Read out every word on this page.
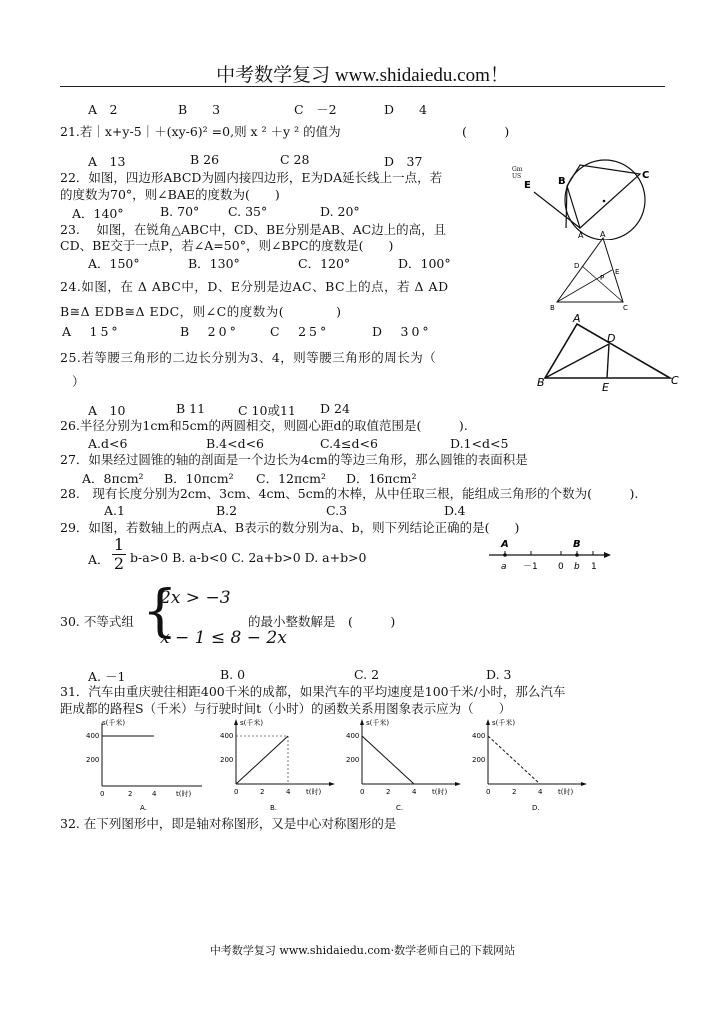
中考数学复习 www.shidaiedu.com！
A　2	B　　3	C　－2	D　　4
21.若｜x+y-5｜＋(xy-6)² =0,则 x ² ＋y ² 的值为	(　　　)
A　13	B 26	C 28	D　37
22．如图，四边形ABCD为圆内接四边形，E为DA延长线上一点，若
Gm
US
的度数为70°，则∠BAE的度数为(　　)
A．140°	B. 70° C. 35°	D. 20°
B
C
E
A
23.　 如图，在锐角△ABC中，CD、BE分别是AB、AC边上的高，且
CD、BE交于一点P，若∠A=50°，则∠BPC的度数是(　　)
A．150°	B．130°	C．120°	D．100°
A
D
E
P
B	C
24.如图，在 Δ ABC中，D、E分别是边AC、BC上的点，若 Δ AD
B≅Δ EDB≅Δ EDC，则∠C的度数为(　　　　)
A　15°	B　20° C　25°	D　30°
A
D
B	E
C
25.若等腰三角形的二边长分别为3、4，则等腰三角形的周长为（
）
A　10	B 11	C 10或11 D 24
26.半径分别为1cm和5cm的两圆相交，则圆心距d的取值范围是(　　　).
A.d<6	B.4<d<6	C.4≤d<6	D.1<d<5
27．如果经过圆锥的轴的剖面是一个边长为4cm的等边三角形，那么圆锥的表面积是
A．8πcm² B．10πcm² C．12πcm² D．16πcm²
28.　现有长度分别为2cm、3cm、4cm、5cm的木棒，从中任取三根，能组成三角形的个数为(　　　).
A.1	B.2	C.3	D.4
29．如图，若数轴上的两点A、B表示的数分别为a、b，则下列结论正确的是(　　)
A． $\frac{1}{2} b-a>0$ B. a-b<0 C. 2a+b>0 D. a+b>0
A	B
a －1 0 b 1
30. 不等式组 {
2x > −3
x − 1 ≤ 8 − 2x
的最小整数解是　(　　　)
A. －1	B. 0	C. 2	D. 3
31．汽车由重庆驶往相距400千米的成都，如果汽车的平均速度是100千米/小时，那么汽车
距成都的路程S（千米）与行驶时间t（小时）的函数关系用图象表示应为（　　）
s(千米)
400
200
0	2	4	t(时)
A.
s(千米)
400
200
0	2	4 t(时)
B.
s(千米)
400
200
0	2	4 t(时)
C.
s(千米)
400
200
0	2	4 t(时)
D.
32. 在下列图形中，即是轴对称图形，又是中心对称图形的是
中考数学复习 www.shidaiedu.com·数学老师自己的下载网站
